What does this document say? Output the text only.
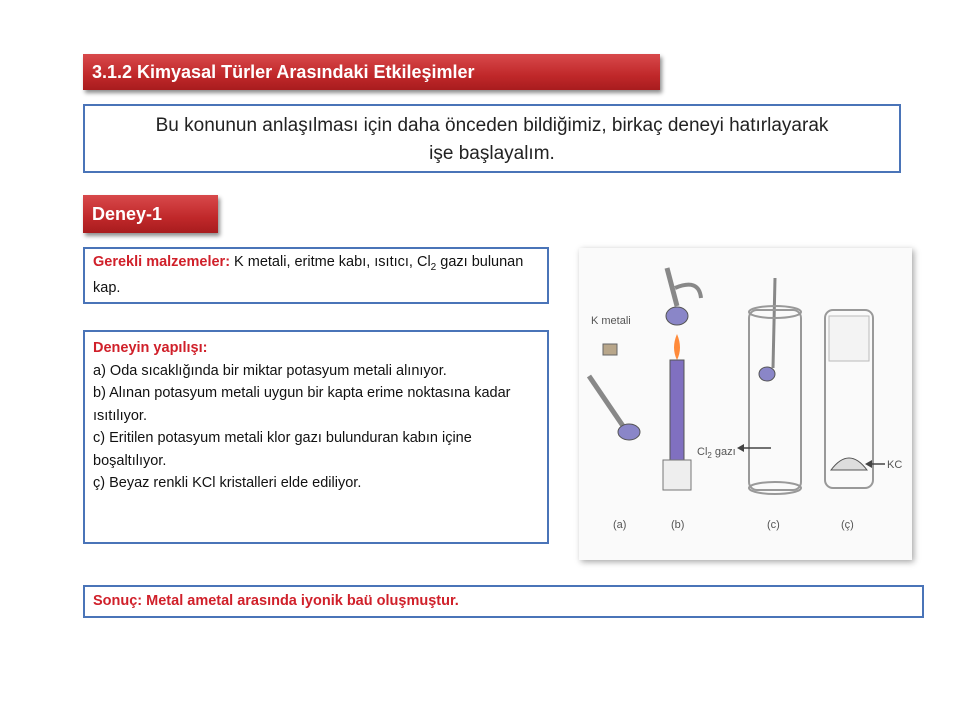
3.1.2 Kimyasal Türler Arasındaki Etkileşimler
Bu konunun anlaşılması için daha önceden bildiğimiz, birkaç deneyi hatırlayarak
işe başlayalım.
Deney-1
Gerekli malzemeler: K metali, eritme kabı, ısıtıcı, $Cl_2$ gazı bulunan kap.
Deneyin yapılışı:
a) Oda sıcaklığında bir miktar potasyum metali alınıyor.
b) Alınan potasyum metali uygun bir kapta erime noktasına kadar ısıtılıyor.
c) Eritilen potasyum metali klor gazı bulunduran kabın içine boşaltılıyor.
ç) Beyaz renkli KCl kristalleri elde ediliyor.
K metali
$Cl_2$ gazı
KC
(a)	(b)	(c)	(ç)
Sonuç: Metal ametal arasında iyonik baü oluşmuştur.
